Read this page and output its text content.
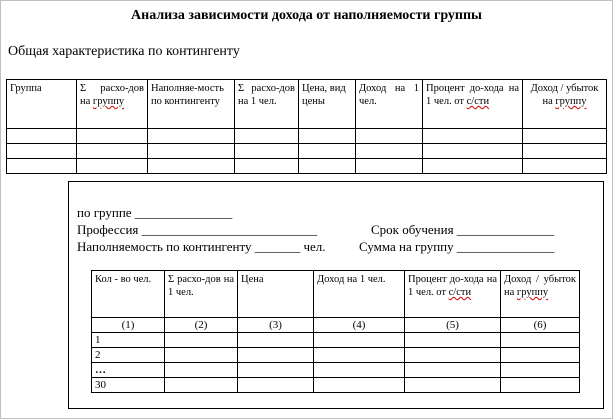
Анализа зависимости дохода от наполняемости группы
Общая характеристика по контингенту
Группа	Σ расхо-дов на группу	Наполняе-мость по контингенту	Σ расхо-дов на 1 чел.	Цена, вид цены	Доход на 1 чел.	Процент до-хода на 1 чел. от с/сти	Доход / убыток на группу

по группе _______________
Профессия ___________________________	Срок обучения _______________
Наполняемость по контингенту _______ чел.	Сумма на группу _______________
Кол - во чел.	Σ расхо-дов на 1 чел.	Цена	Доход на 1 чел.	Процент до-хода на 1 чел. от с/сти	Доход / убыток на группу
(1)	(2)	(3)	(4)	(5)	(6)
1					
2					
…					
30					
